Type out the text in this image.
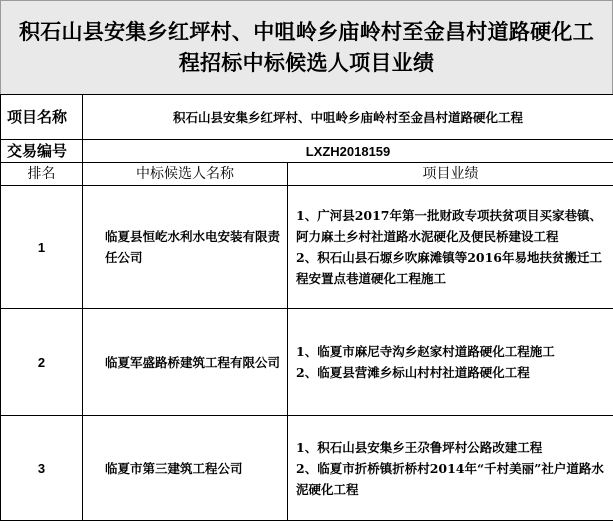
积石山县安集乡红坪村、中咀岭乡庙岭村至金昌村道路硬化工程招标中标候选人项目业绩
项目名称	积石山县安集乡红坪村、中咀岭乡庙岭村至金昌村道路硬化工程	
交易编号	LXZH2018159	
排名	中标候选人名称	项目业绩
1	临夏县恒屹水利水电安装有限责任公司	1、广河县2017年第一批财政专项扶贫项目买家巷镇、阿力麻土乡村社道路水泥硬化及便民桥建设工程
2、积石山县石塬乡吹麻滩镇等2016年易地扶贫搬迁工程安置点巷道硬化工程施工

2	临夏军盛路桥建筑工程有限公司	1、临夏市麻尼寺沟乡赵家村道路硬化工程施工
2、临夏县营滩乡标山村村社道路硬化工程

3	临夏市第三建筑工程公司	1、积石山县安集乡王尕鲁坪村公路改建工程
2、临夏市折桥镇折桥村2014年“千村美丽”社户道路水泥硬化工程
